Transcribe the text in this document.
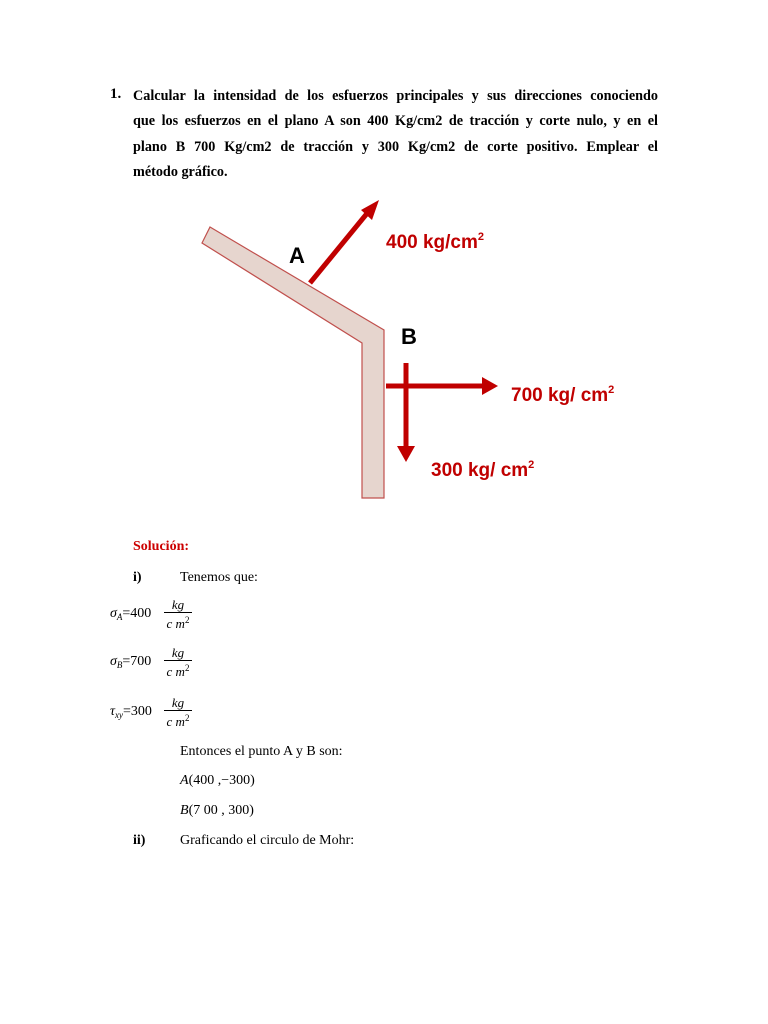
1. Calcular la intensidad de los esfuerzos principales y sus direcciones conociendo
que los esfuerzos en el plano A son 400 Kg/cm2 de tracción y corte nulo, y en el
plano B 700 Kg/cm2 de tracción y 300 Kg/cm2 de corte positivo. Emplear el
método gráfico.
A
B
400 $kg/cm^2$
700 kg/ $cm^2$
300 kg/ $cm^2$
Solución:
i)	Tenemos que:
$\sigma_A=400$
kg
c $m^2$
$\sigma_B=700$
kg
c $m^2$
$\tau_{xy}=300$
kg
c $m^2$
Entonces el punto A y B son:
A(400 ,−300)
B(7 00 , 300)
ii) Graficando el circulo de Mohr:
